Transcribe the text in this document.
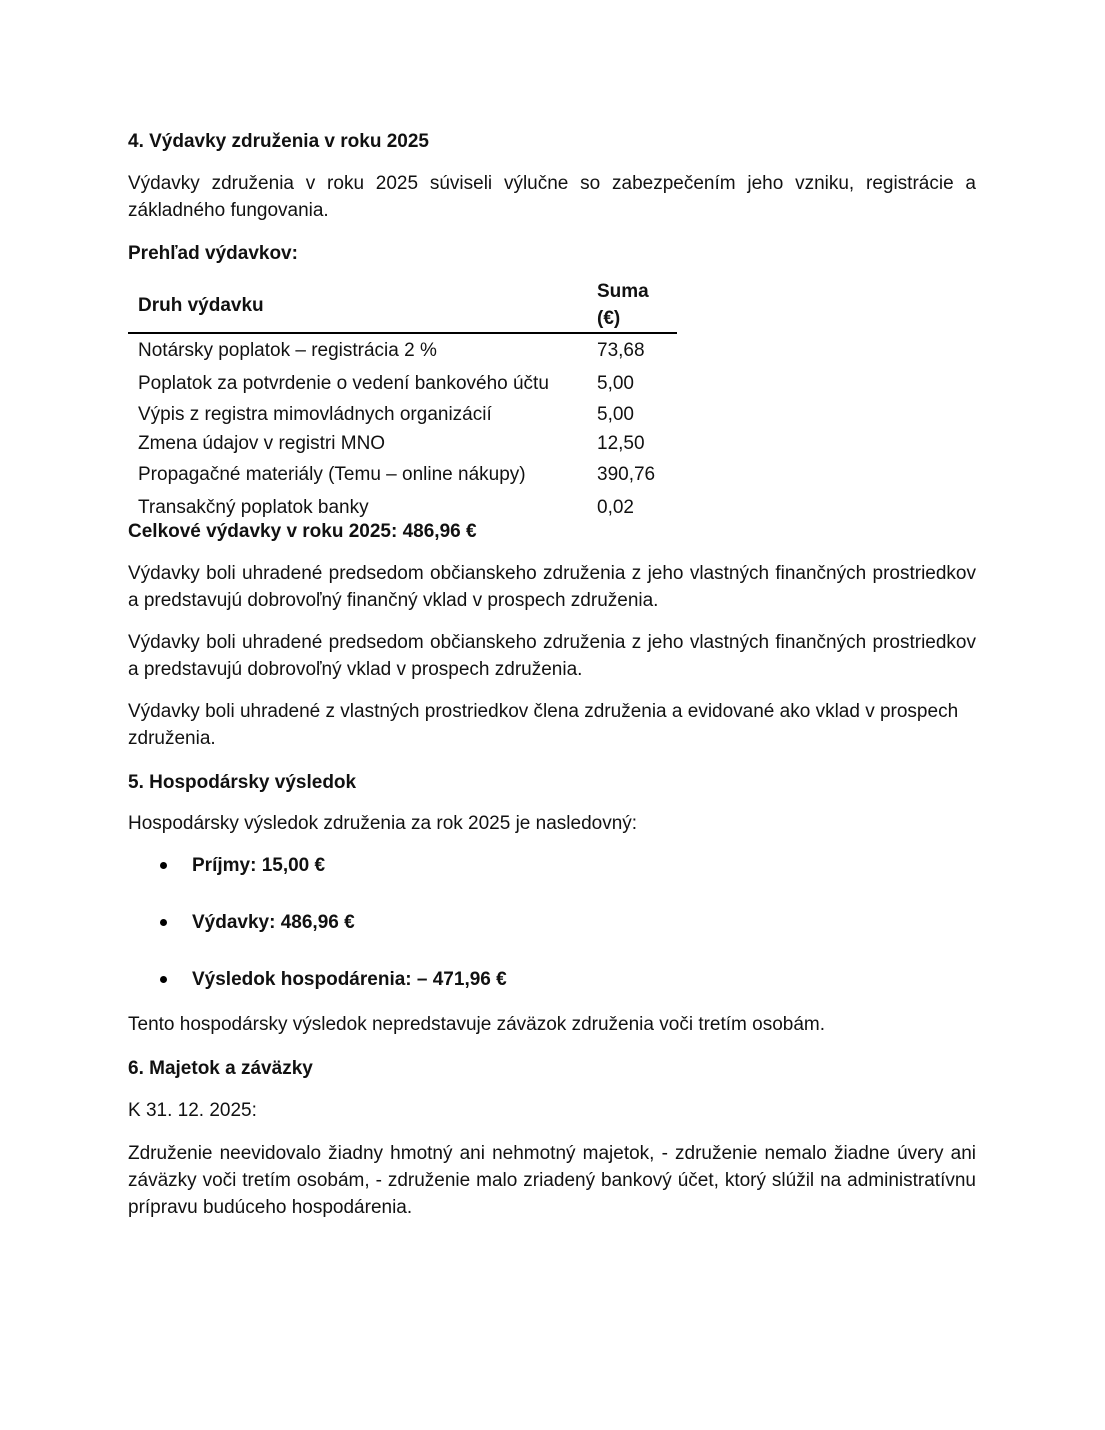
4. Výdavky združenia v roku 2025
Výdavky združenia v roku 2025 súviseli výlučne so zabezpečením jeho vzniku, registrácie a základného fungovania.
Prehľad výdavkov:
Druh výdavku	Suma (€)
Notársky poplatok – registrácia 2 %	73,68
Poplatok za potvrdenie o vedení bankového účtu	5,00
Výpis z registra mimovládnych organizácií	5,00
Zmena údajov v registri MNO	12,50
Propagačné materiály (Temu – online nákupy)	390,76
Transakčný poplatok banky	0,02
Celkové výdavky v roku 2025: 486,96 €
Výdavky boli uhradené predsedom občianskeho združenia z jeho vlastných finančných prostriedkov a predstavujú dobrovoľný finančný vklad v prospech združenia.
Výdavky boli uhradené predsedom občianskeho združenia z jeho vlastných finančných prostriedkov a predstavujú dobrovoľný vklad v prospech združenia.
Výdavky boli uhradené z vlastných prostriedkov člena združenia a evidované ako vklad v prospech združenia.
5. Hospodársky výsledok
Hospodársky výsledok združenia za rok 2025 je nasledovný:
Príjmy: 15,00 €
Výdavky: 486,96 €
Výsledok hospodárenia: – 471,96 €
Tento hospodársky výsledok nepredstavuje záväzok združenia voči tretím osobám.
6. Majetok a záväzky
K 31. 12. 2025:
Združenie neevidovalo žiadny hmotný ani nehmotný majetok, - združenie nemalo žiadne úvery ani záväzky voči tretím osobám, - združenie malo zriadený bankový účet, ktorý slúžil na administratívnu prípravu budúceho hospodárenia.
